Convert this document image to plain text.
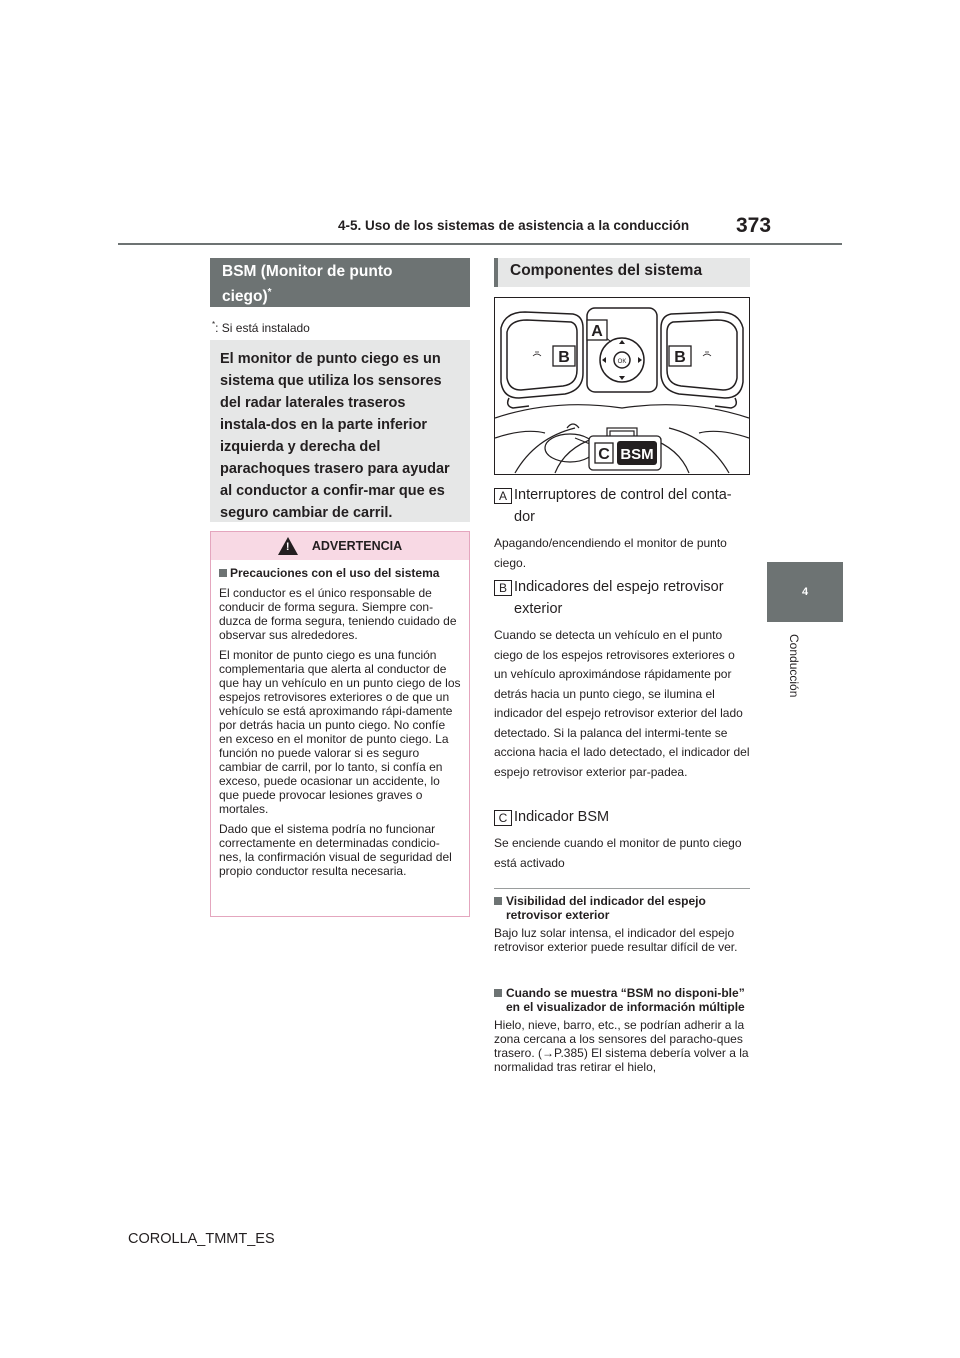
4-5. Uso de los sistemas de asistencia a la conducción 373
4
Conducción
BSM (Monitor de punto
ciego)*
*: Si está instalado
El monitor de punto ciego es un sistema que utiliza los sensores del radar laterales traseros instala-dos en la parte inferior izquierda y derecha del parachoques trasero para ayudar al conductor a confir-mar que es seguro cambiar de carril.
! ADVERTENCIA

Precauciones con el uso del sistema

El conductor es el único responsable de conducir de forma segura. Siempre con-duzca de forma segura, teniendo cuidado de observar sus alrededores.

El monitor de punto ciego es una función complementaria que alerta al conductor de que hay un vehículo en un punto ciego de los espejos retrovisores exteriores o de que un vehículo se está aproximando rápi-damente por detrás hacia un punto ciego. No confíe en exceso en el monitor de punto ciego. La función no puede valorar si es seguro cambiar de carril, por lo tanto, si confía en exceso, puede ocasionar un accidente, lo que puede provocar lesiones graves o mortales.

Dado que el sistema podría no funcionar correctamente en determinadas condicio-nes, la confirmación visual de seguridad del propio conductor resulta necesaria.

Componentes del sistema
OK
A
B	B
C BSM
A Interruptores de control del conta-dor
Apagando/encendiendo el monitor de punto ciego.
B Indicadores del espejo retrovisor exterior
Cuando se detecta un vehículo en el punto ciego de los espejos retrovisores exteriores o un vehículo aproximándose rápidamente por detrás hacia un punto ciego, se ilumina el indicador del espejo retrovisor exterior del lado detectado. Si la palanca del intermi-tente se acciona hacia el lado detectado, el indicador del espejo retrovisor exterior par-padea.
C Indicador BSM
Se enciende cuando el monitor de punto ciego está activado
Visibilidad del indicador del espejo retrovisor exterior
Bajo luz solar intensa, el indicador del espejo retrovisor exterior puede resultar difícil de ver.
Cuando se muestra “BSM no disponi-ble” en el visualizador de información múltiple
Hielo, nieve, barro, etc., se podrían adherir a la zona cercana a los sensores del paracho-ques trasero. (→P.385) El sistema debería volver a la normalidad tras retirar el hielo,
COROLLA_TMMT_ES
